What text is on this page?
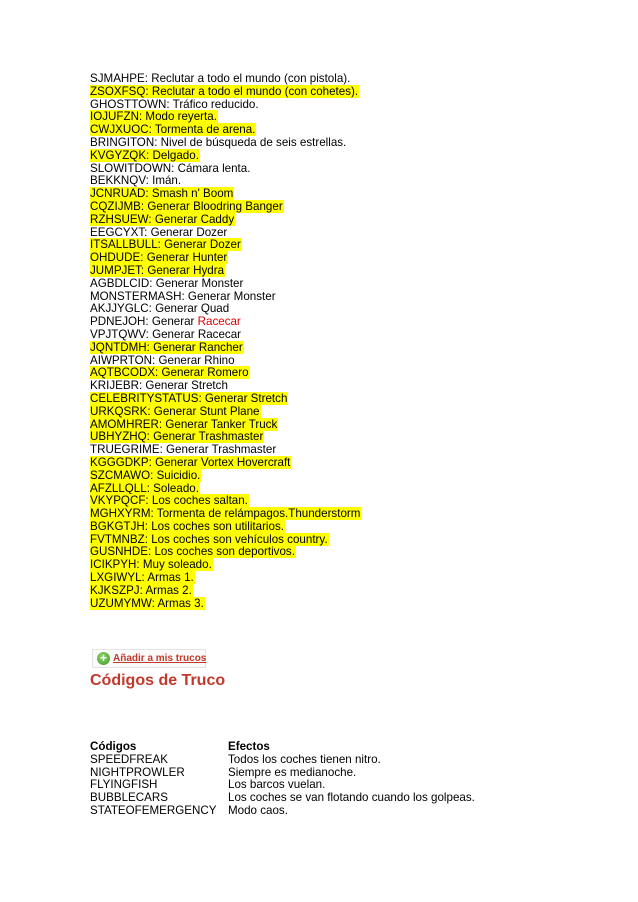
SJMAHPE: Reclutar a todo el mundo (con pistola).
ZSOXFSQ: Reclutar a todo el mundo (con cohetes).
GHOSTTOWN: Tráfico reducido.
IOJUFZN: Modo reyerta.
CWJXUOC: Tormenta de arena.
BRINGITON: Nivel de búsqueda de seis estrellas.
KVGYZQK: Delgado.
SLOWITDOWN: Cámara lenta.
BEKKNQV: Imán.
JCNRUAD: Smash n' Boom
CQZIJMB: Generar Bloodring Banger
RZHSUEW: Generar Caddy
EEGCYXT: Generar Dozer
ITSALLBULL: Generar Dozer
OHDUDE: Generar Hunter
JUMPJET: Generar Hydra
AGBDLCID: Generar Monster
MONSTERMASH: Generar Monster
AKJJYGLC: Generar Quad
PDNEJOH: Generar Racecar
VPJTQWV: Generar Racecar
JQNTDMH: Generar Rancher
AIWPRTON: Generar Rhino
AQTBCODX: Generar Romero
KRIJEBR: Generar Stretch
CELEBRITYSTATUS: Generar Stretch
URKQSRK: Generar Stunt Plane
AMOMHRER: Generar Tanker Truck
UBHYZHQ: Generar Trashmaster
TRUEGRIME: Generar Trashmaster
KGGGDKP: Generar Vortex Hovercraft
SZCMAWO: Suicidio.
AFZLLQLL: Soleado.
VKYPQCF: Los coches saltan.
MGHXYRM: Tormenta de relámpagos.Thunderstorm
BGKGTJH: Los coches son utilitarios.
FVTMNBZ: Los coches son vehículos country.
GUSNHDE: Los coches son deportivos.
ICIKPYH: Muy soleado.
LXGIWYL: Armas 1.
KJKSZPJ: Armas 2.
UZUMYMW: Armas 3.
+ Añadir a mis trucos
Códigos de Truco
Códigos	Efectos
SPEEDFREAK	Todos los coches tienen nitro.
NIGHTPROWLER	Siempre es medianoche.
FLYINGFISH	Los barcos vuelan.
BUBBLECARS	Los coches se van flotando cuando los golpeas.
STATEOFEMERGENCY Modo caos.
